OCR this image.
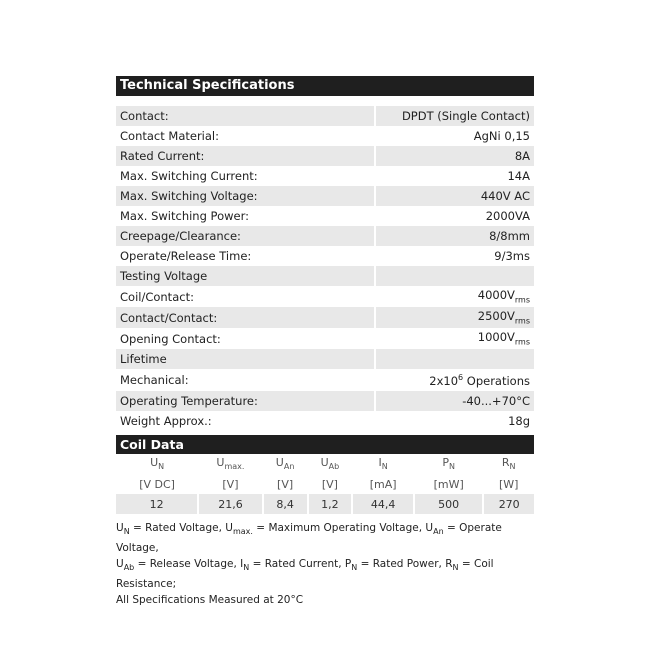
Technical Specifications
Contact:	DPDT (Single Contact)
Contact Material:	AgNi 0,15
Rated Current:	8A
Max. Switching Current:	14A
Max. Switching Voltage:	440V AC
Max. Switching Power:	2000VA
Creepage/Clearance:	8/8mm
Operate/Release Time:	9/3ms
Testing Voltage	
Coil/Contact:	$4000V_{rms}$
Contact/Contact:	$2500V_{rms}$
Opening Contact:	$1000V_{rms}$
Lifetime	
Mechanical:	$2x10^6$ Operations
Operating Temperature:	-40...+70°C
Weight Approx.:	18g
Coil Data
$U_N$	$U_{max.}$	$U_{An}$	$U_{Ab}$	$I_N$	$P_N$	$R_N$
[V DC]	[V]	[V]	[V]	[mA]	[mW]	[W]
12	21,6	8,4	1,2	44,4	500	270
$U_N$ = Rated Voltage, $U_{max.}$ = Maximum Operating Voltage, $U_{An}$ = Operate Voltage,
$U_{Ab}$ = Release Voltage, $I_N$ = Rated Current, $P_N$ = Rated Power, $R_N$ = Coil Resistance;
All Specifications Measured at 20°C
